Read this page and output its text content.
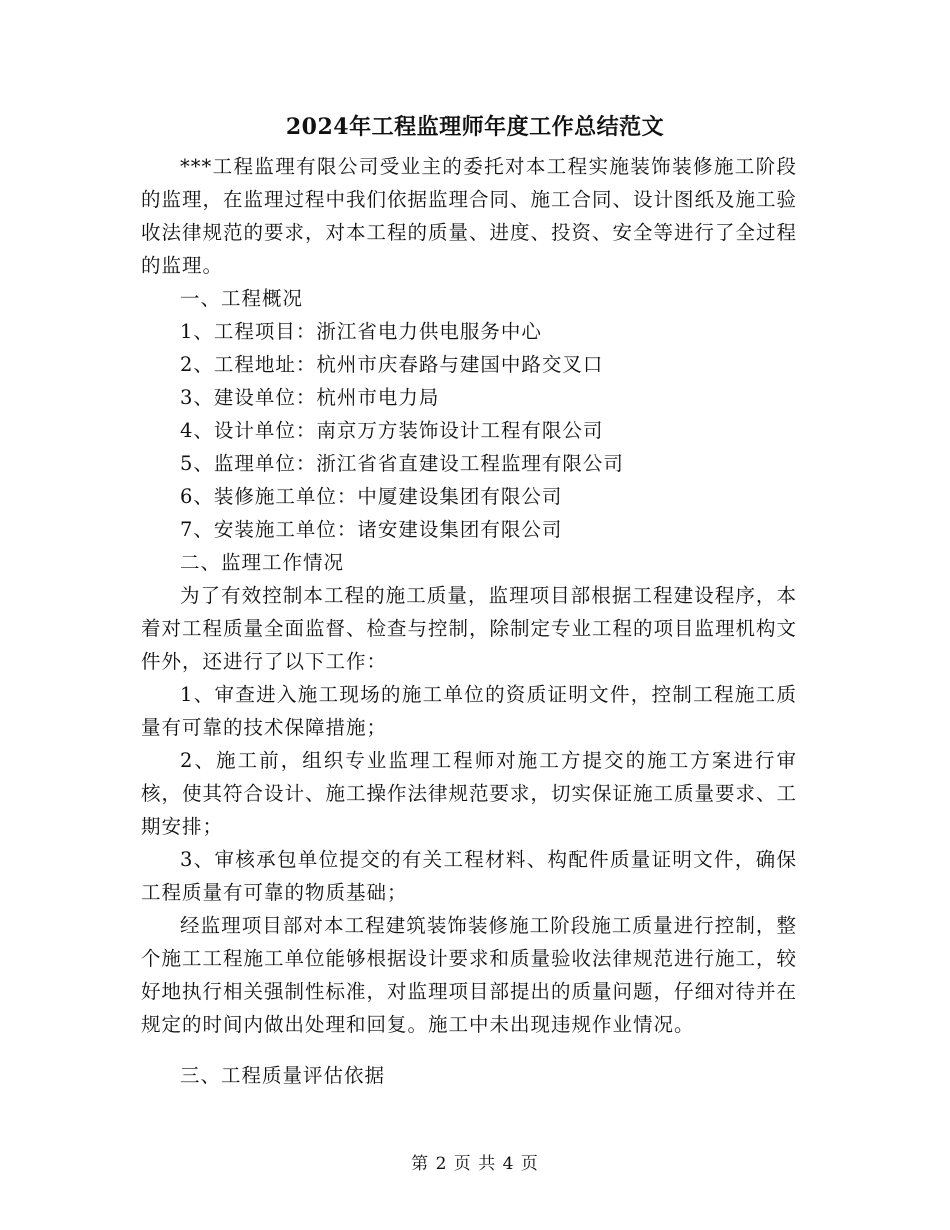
2024年工程监理师年度工作总结范文

***工程监理有限公司受业主的委托对本工程实施装饰装修施工阶段的监理，在监理过程中我们依据监理合同、施工合同、设计图纸及施工验收法律规范的要求，对本工程的质量、进度、投资、安全等进行了全过程的监理。

一、工程概况

1、工程项目：浙江省电力供电服务中心

2、工程地址：杭州市庆春路与建国中路交叉口

3、建设单位：杭州市电力局

4、设计单位：南京万方装饰设计工程有限公司

5、监理单位：浙江省省直建设工程监理有限公司

6、装修施工单位：中厦建设集团有限公司

7、安装施工单位：诸安建设集团有限公司

二、监理工作情况

为了有效控制本工程的施工质量，监理项目部根据工程建设程序，本着对工程质量全面监督、检查与控制，除制定专业工程的项目监理机构文件外，还进行了以下工作：

1、审查进入施工现场的施工单位的资质证明文件，控制工程施工质量有可靠的技术保障措施；

2、施工前，组织专业监理工程师对施工方提交的施工方案进行审核，使其符合设计、施工操作法律规范要求，切实保证施工质量要求、工期安排；

3、审核承包单位提交的有关工程材料、构配件质量证明文件，确保工程质量有可靠的物质基础；

经监理项目部对本工程建筑装饰装修施工阶段施工质量进行控制，整个施工工程施工单位能够根据设计要求和质量验收法律规范进行施工，较好地执行相关强制性标准，对监理项目部提出的质量问题，仔细对待并在规定的时间内做出处理和回复。施工中未出现违规作业情况。

三、工程质量评估依据

第 2 页 共 4 页
